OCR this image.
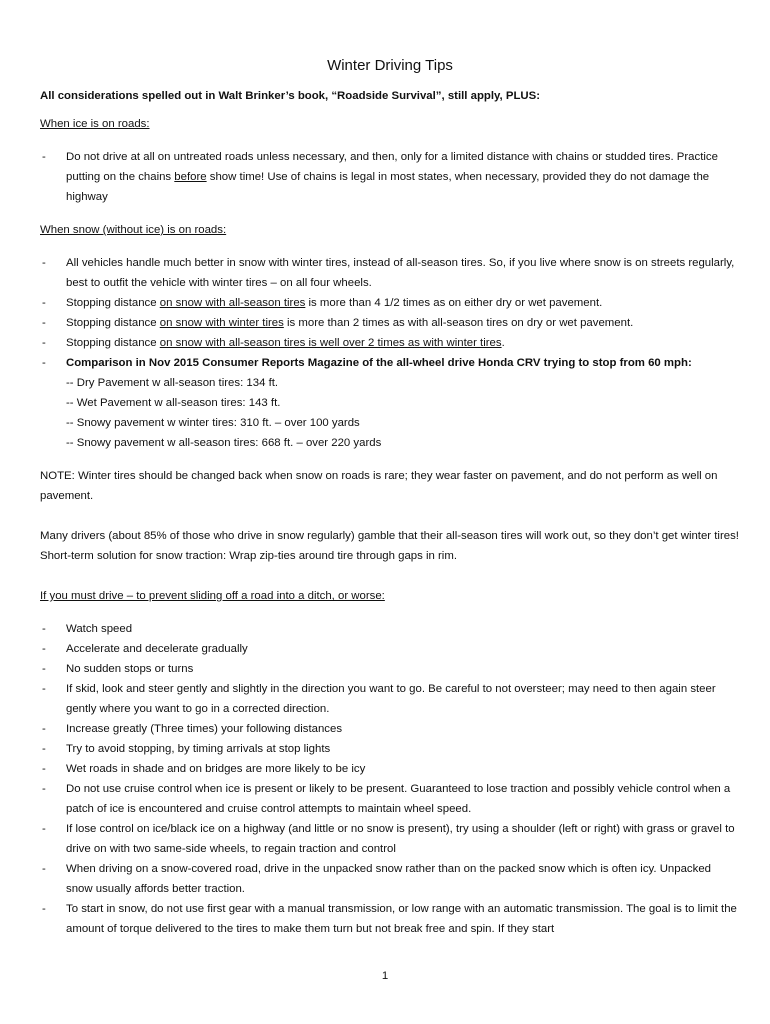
Winter Driving Tips
All considerations spelled out in Walt Brinker’s book, “Roadside Survival”, still apply, PLUS:
When ice is on roads:
- Do not drive at all on untreated roads unless necessary, and then, only for a limited distance with chains or studded tires. Practice putting on the chains before show time! Use of chains is legal in most states, when necessary, provided they do not damage the highway
When snow (without ice) is on roads:
- All vehicles handle much better in snow with winter tires, instead of all-season tires. So, if you live where snow is on streets regularly, best to outfit the vehicle with winter tires – on all four wheels.
- Stopping distance on snow with all-season tires is more than 4 1/2 times as on either dry or wet pavement.
- Stopping distance on snow with winter tires is more than 2 times as with all-season tires on dry or wet pavement.
- Stopping distance on snow with all-season tires is well over 2 times as with winter tires.
- Comparison in Nov 2015 Consumer Reports Magazine of the all-wheel drive Honda CRV trying to stop from 60 mph:
-- Dry Pavement w all-season tires: 134 ft.
-- Wet Pavement w all-season tires: 143 ft.
-- Snowy pavement w winter tires: 310 ft. – over 100 yards
-- Snowy pavement w all-season tires: 668 ft. – over 220 yards

NOTE: Winter tires should be changed back when snow on roads is rare; they wear faster on pavement, and do not perform as well on pavement.

Many drivers (about 85% of those who drive in snow regularly) gamble that their all-season tires will work out, so they don’t get winter tires! Short-term solution for snow traction: Wrap zip-ties around tire through gaps in rim.

If you must drive – to prevent sliding off a road into a ditch, or worse:
- Watch speed
- Accelerate and decelerate gradually
- No sudden stops or turns
- If skid, look and steer gently and slightly in the direction you want to go. Be careful to not oversteer; may need to then again steer gently where you want to go in a corrected direction.
- Increase greatly (Three times) your following distances
- Try to avoid stopping, by timing arrivals at stop lights
- Wet roads in shade and on bridges are more likely to be icy
- Do not use cruise control when ice is present or likely to be present. Guaranteed to lose traction and possibly vehicle control when a patch of ice is encountered and cruise control attempts to maintain wheel speed.
- If lose control on ice/black ice on a highway (and little or no snow is present), try using a shoulder (left or right) with grass or gravel to drive on with two same-side wheels, to regain traction and control
- When driving on a snow-covered road, drive in the unpacked snow rather than on the packed snow which is often icy. Unpacked snow usually affords better traction.
- To start in snow, do not use first gear with a manual transmission, or low range with an automatic transmission. The goal is to limit the amount of torque delivered to the tires to make them turn but not break free and spin. If they start
1
